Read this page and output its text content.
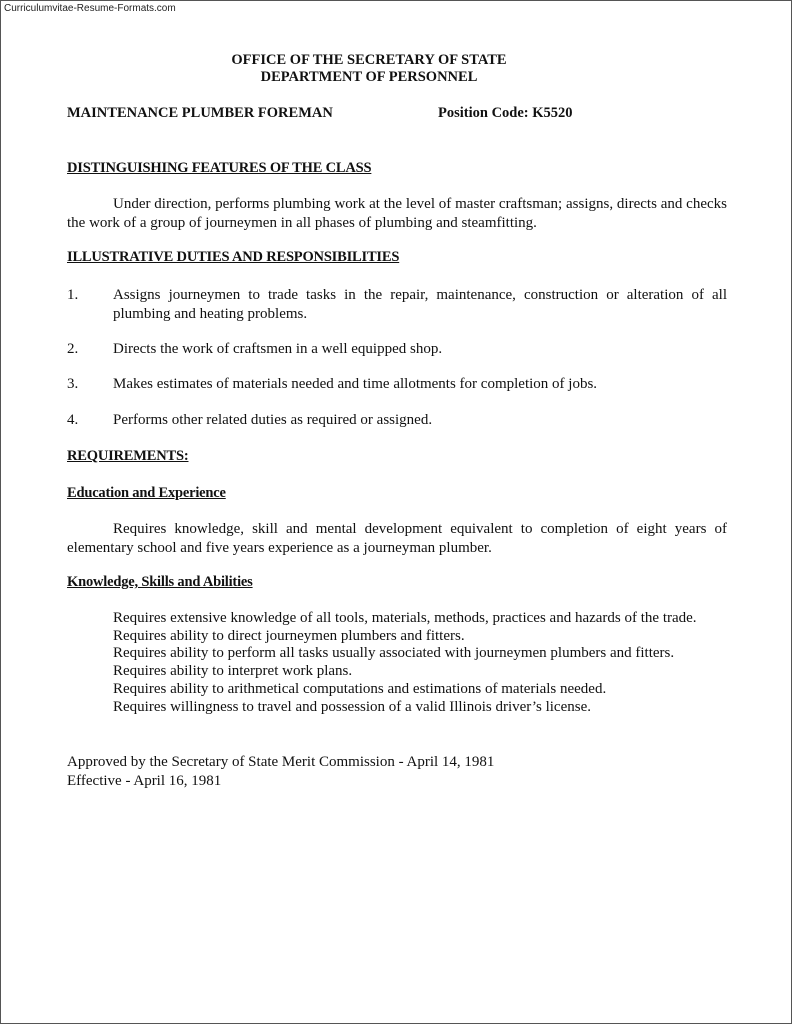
Curriculumvitae-Resume-Formats.com
OFFICE OF THE SECRETARY OF STATE
DEPARTMENT OF PERSONNEL
MAINTENANCE PLUMBER FOREMAN	Position Code: K5520
DISTINGUISHING FEATURES OF THE CLASS
Under direction, performs plumbing work at the level of master craftsman; assigns, directs and checks the work of a group of journeymen in all phases of plumbing and steamfitting.
ILLUSTRATIVE DUTIES AND RESPONSIBILITIES
1. Assigns journeymen to trade tasks in the repair, maintenance, construction or alteration of all plumbing and heating problems.
2. Directs the work of craftsmen in a well equipped shop.
3. Makes estimates of materials needed and time allotments for completion of jobs.
4. Performs other related duties as required or assigned.
REQUIREMENTS:
Education and Experience
Requires knowledge, skill and mental development equivalent to completion of eight years of elementary school and five years experience as a journeyman plumber.
Knowledge, Skills and Abilities
Requires extensive knowledge of all tools, materials, methods, practices and hazards of the trade.
Requires ability to direct journeymen plumbers and fitters.
Requires ability to perform all tasks usually associated with journeymen plumbers and fitters.
Requires ability to interpret work plans.
Requires ability to arithmetical computations and estimations of materials needed.
Requires willingness to travel and possession of a valid Illinois driver’s license.
Approved by the Secretary of State Merit Commission - April 14, 1981
Effective - April 16, 1981
